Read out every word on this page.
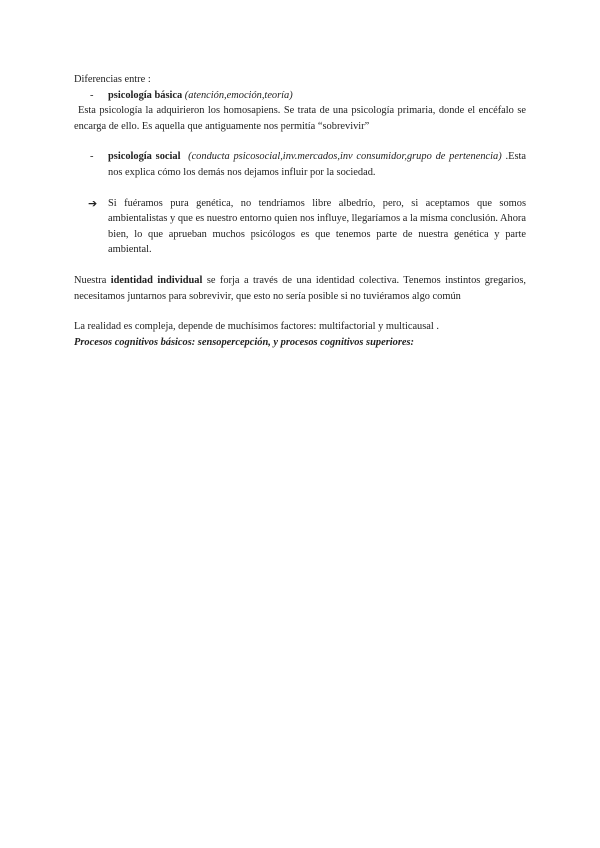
Diferencias entre :

- psicología básica (atención,emoción,teoría)

Esta psicología la adquirieron los homosapiens. Se trata de una psicología primaria, donde el encéfalo se encarga de ello. Es aquella que antiguamente nos permitía “sobrevivir”

- psicología social (conducta psicosocial,inv.mercados,inv consumidor,grupo de pertenencia) .Esta nos explica cómo los demás nos dejamos influir por la sociedad.
➔ Si fuéramos pura genética, no tendríamos libre albedrío, pero, si aceptamos que somos ambientalistas y que es nuestro entorno quien nos influye, llegaríamos a la misma conclusión. Ahora bien, lo que aprueban muchos psicólogos es que tenemos parte de nuestra genética y parte ambiental.

Nuestra identidad individual se forja a través de una identidad colectiva. Tenemos instintos gregarios, necesitamos juntarnos para sobrevivir, que esto no sería posible si no tuviéramos algo común

La realidad es compleja, depende de muchísimos factores: multifactorial y multicausal .

Procesos cognitivos básicos: sensopercepción, y procesos cognitivos superiores:
